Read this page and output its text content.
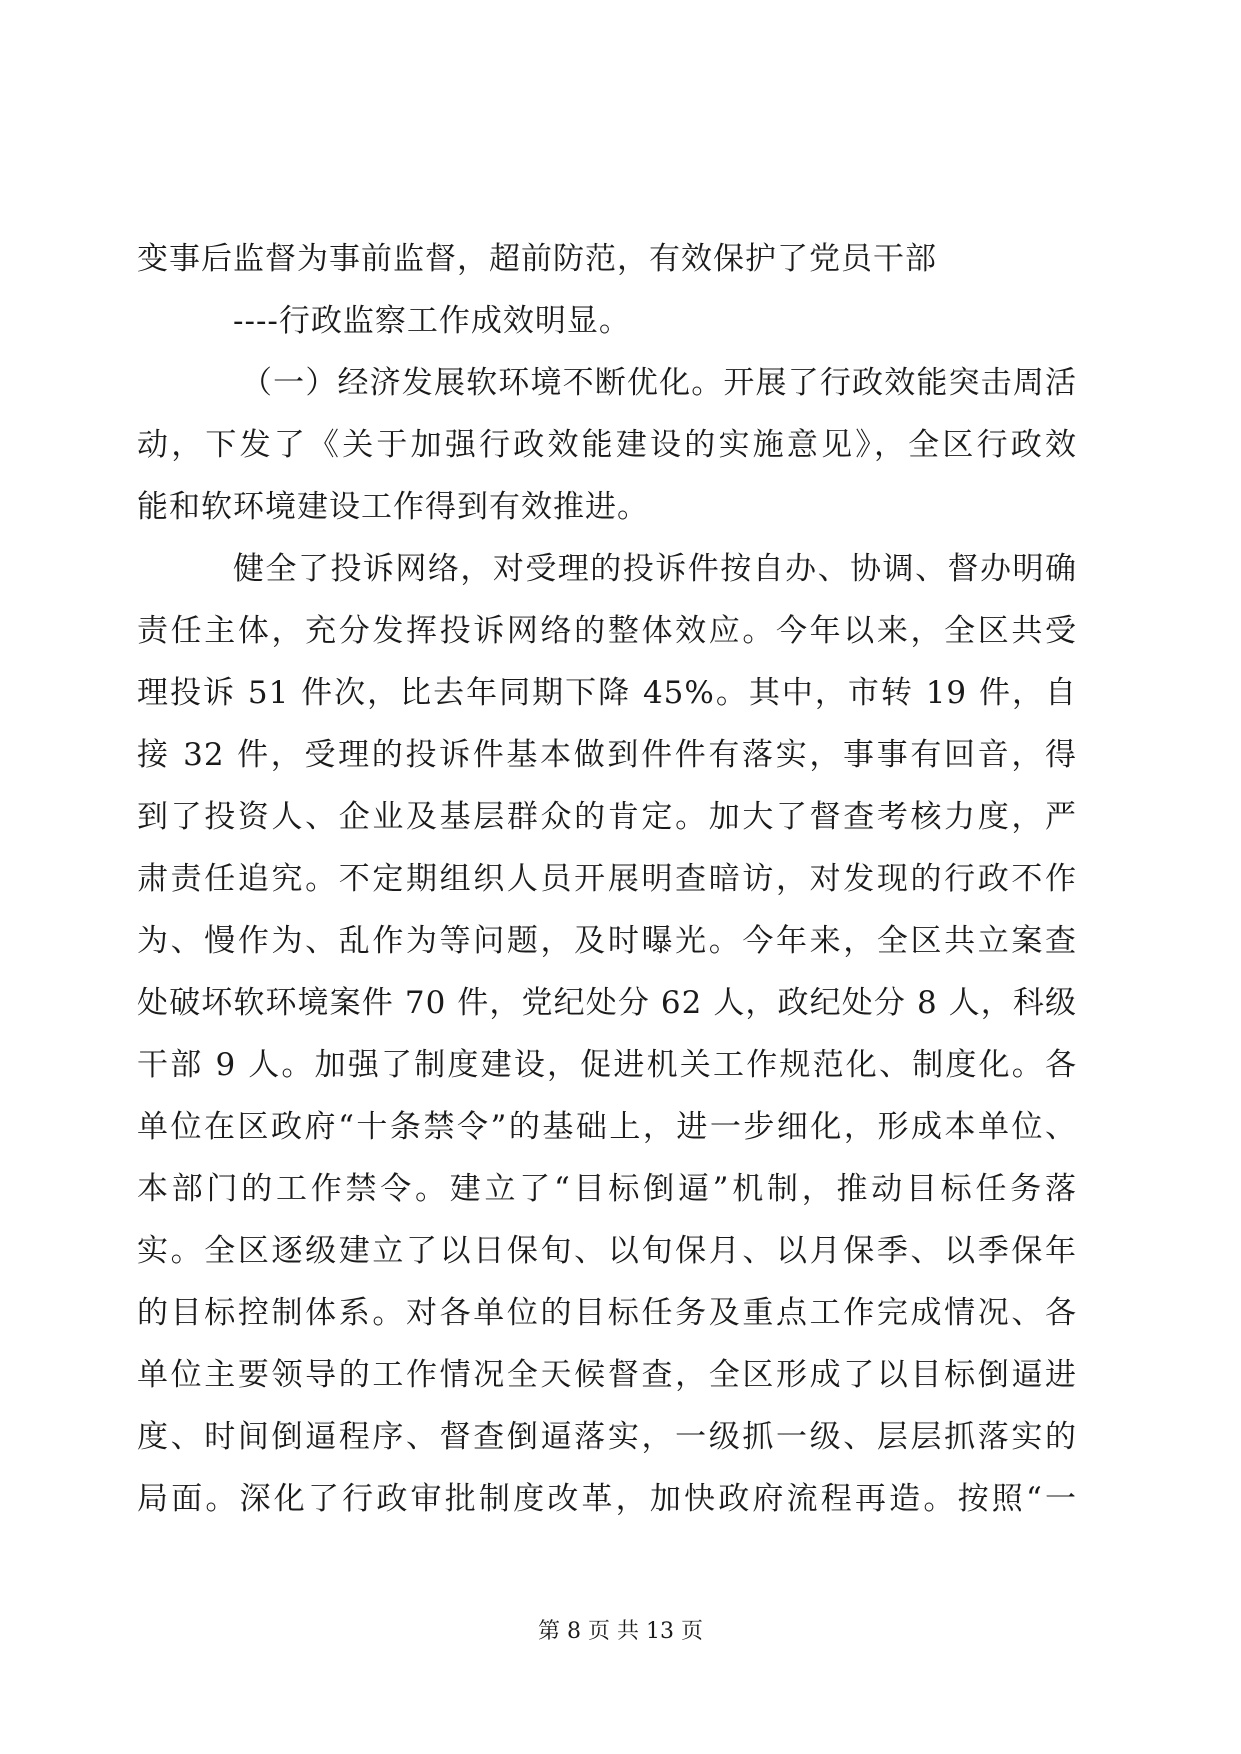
变事后监督为事前监督，超前防范，有效保护了党员干部
----行政监察工作成效明显。
（一）经济发展软环境不断优化。开展了行政效能突击周活
动，下发了《关于加强行政效能建设的实施意见》，全区行政效
能和软环境建设工作得到有效推进。
健全了投诉网络，对受理的投诉件按自办、协调、督办明确
责任主体，充分发挥投诉网络的整体效应。今年以来，全区共受
理投诉 51 件次，比去年同期下降 45%。其中，市转 19 件，自
接 32 件，受理的投诉件基本做到件件有落实，事事有回音，得
到了投资人、企业及基层群众的肯定。加大了督查考核力度，严
肃责任追究。不定期组织人员开展明查暗访，对发现的行政不作
为、慢作为、乱作为等问题，及时曝光。今年来，全区共立案查
处破坏软环境案件 70 件，党纪处分 62 人，政纪处分 8 人，科级
干部 9 人。加强了制度建设，促进机关工作规范化、制度化。各
单位在区政府“十条禁令”的基础上，进一步细化，形成本单位、
本部门的工作禁令。建立了“目标倒逼”机制，推动目标任务落
实。全区逐级建立了以日保旬、以旬保月、以月保季、以季保年
的目标控制体系。对各单位的目标任务及重点工作完成情况、各
单位主要领导的工作情况全天候督查，全区形成了以目标倒逼进
度、时间倒逼程序、督查倒逼落实，一级抓一级、层层抓落实的
局面。深化了行政审批制度改革，加快政府流程再造。按照“一
第 8 页 共 13 页
